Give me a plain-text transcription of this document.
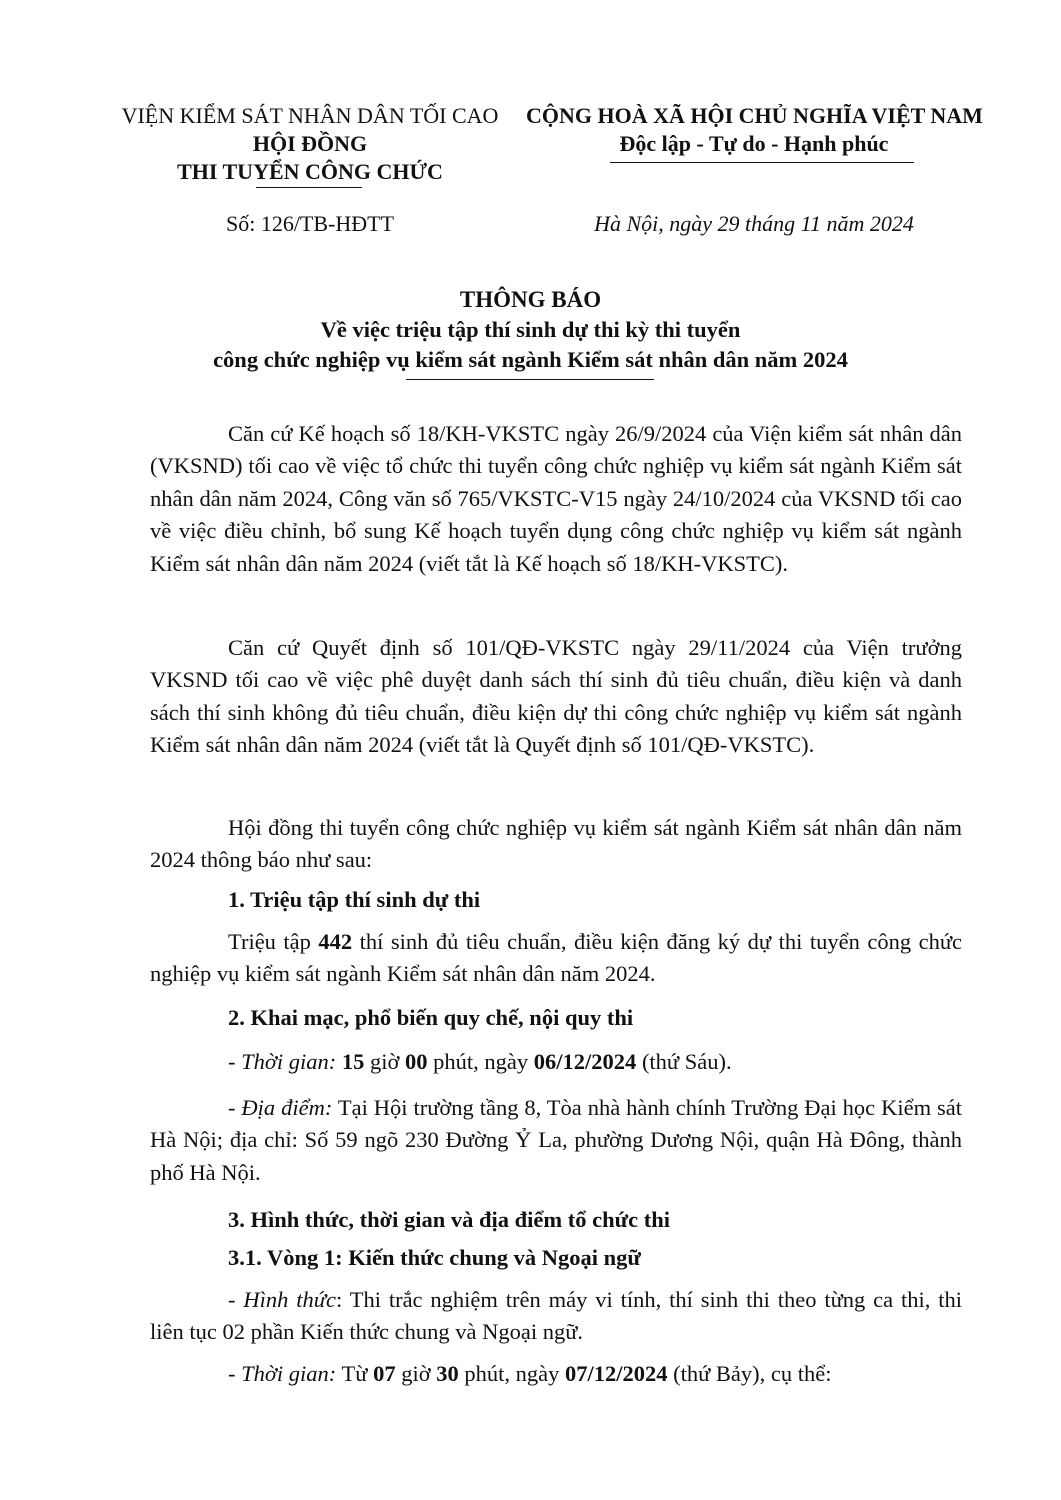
VIỆN KIỂM SÁT NHÂN DÂN TỐI CAO
HỘI ĐỒNG
THI TUYỂN CÔNG CHỨC
Số: 126/TB-HĐTT
CỘNG HOÀ XÃ HỘI CHỦ NGHĨA VIỆT NAM
Độc lập - Tự do - Hạnh phúc
Hà Nội, ngày 29 tháng 11 năm 2024
THÔNG BÁO
Về việc triệu tập thí sinh dự thi kỳ thi tuyển
công chức nghiệp vụ kiểm sát ngành Kiểm sát nhân dân năm 2024

Căn cứ Kế hoạch số 18/KH-VKSTC ngày 26/9/2024 của Viện kiểm sát nhân dân (VKSND) tối cao về việc tổ chức thi tuyển công chức nghiệp vụ kiểm sát ngành Kiểm sát nhân dân năm 2024, Công văn số 765/VKSTC-V15 ngày 24/10/2024 của VKSND tối cao về việc điều chỉnh, bổ sung Kế hoạch tuyển dụng công chức nghiệp vụ kiểm sát ngành Kiểm sát nhân dân năm 2024 (viết tắt là Kế hoạch số 18/KH-VKSTC).

Căn cứ Quyết định số 101/QĐ-VKSTC ngày 29/11/2024 của Viện trưởng VKSND tối cao về việc phê duyệt danh sách thí sinh đủ tiêu chuẩn, điều kiện và danh sách thí sinh không đủ tiêu chuẩn, điều kiện dự thi công chức nghiệp vụ kiểm sát ngành Kiểm sát nhân dân năm 2024 (viết tắt là Quyết định số 101/QĐ-VKSTC).

Hội đồng thi tuyển công chức nghiệp vụ kiểm sát ngành Kiểm sát nhân dân năm 2024 thông báo như sau:

1. Triệu tập thí sinh dự thi

Triệu tập 442 thí sinh đủ tiêu chuẩn, điều kiện đăng ký dự thi tuyển công chức nghiệp vụ kiểm sát ngành Kiểm sát nhân dân năm 2024.

2. Khai mạc, phổ biến quy chế, nội quy thi
- Thời gian: 15 giờ 00 phút, ngày 06/12/2024 (thứ Sáu).

- Địa điểm: Tại Hội trường tầng 8, Tòa nhà hành chính Trường Đại học Kiểm sát Hà Nội; địa chỉ: Số 59 ngõ 230 Đường Ỷ La, phường Dương Nội, quận Hà Đông, thành phố Hà Nội.

3. Hình thức, thời gian và địa điểm tổ chức thi
3.1. Vòng 1: Kiến thức chung và Ngoại ngữ

- Hình thức: Thi trắc nghiệm trên máy vi tính, thí sinh thi theo từng ca thi, thi liên tục 02 phần Kiến thức chung và Ngoại ngữ.

- Thời gian: Từ 07 giờ 30 phút, ngày 07/12/2024 (thứ Bảy), cụ thể:
